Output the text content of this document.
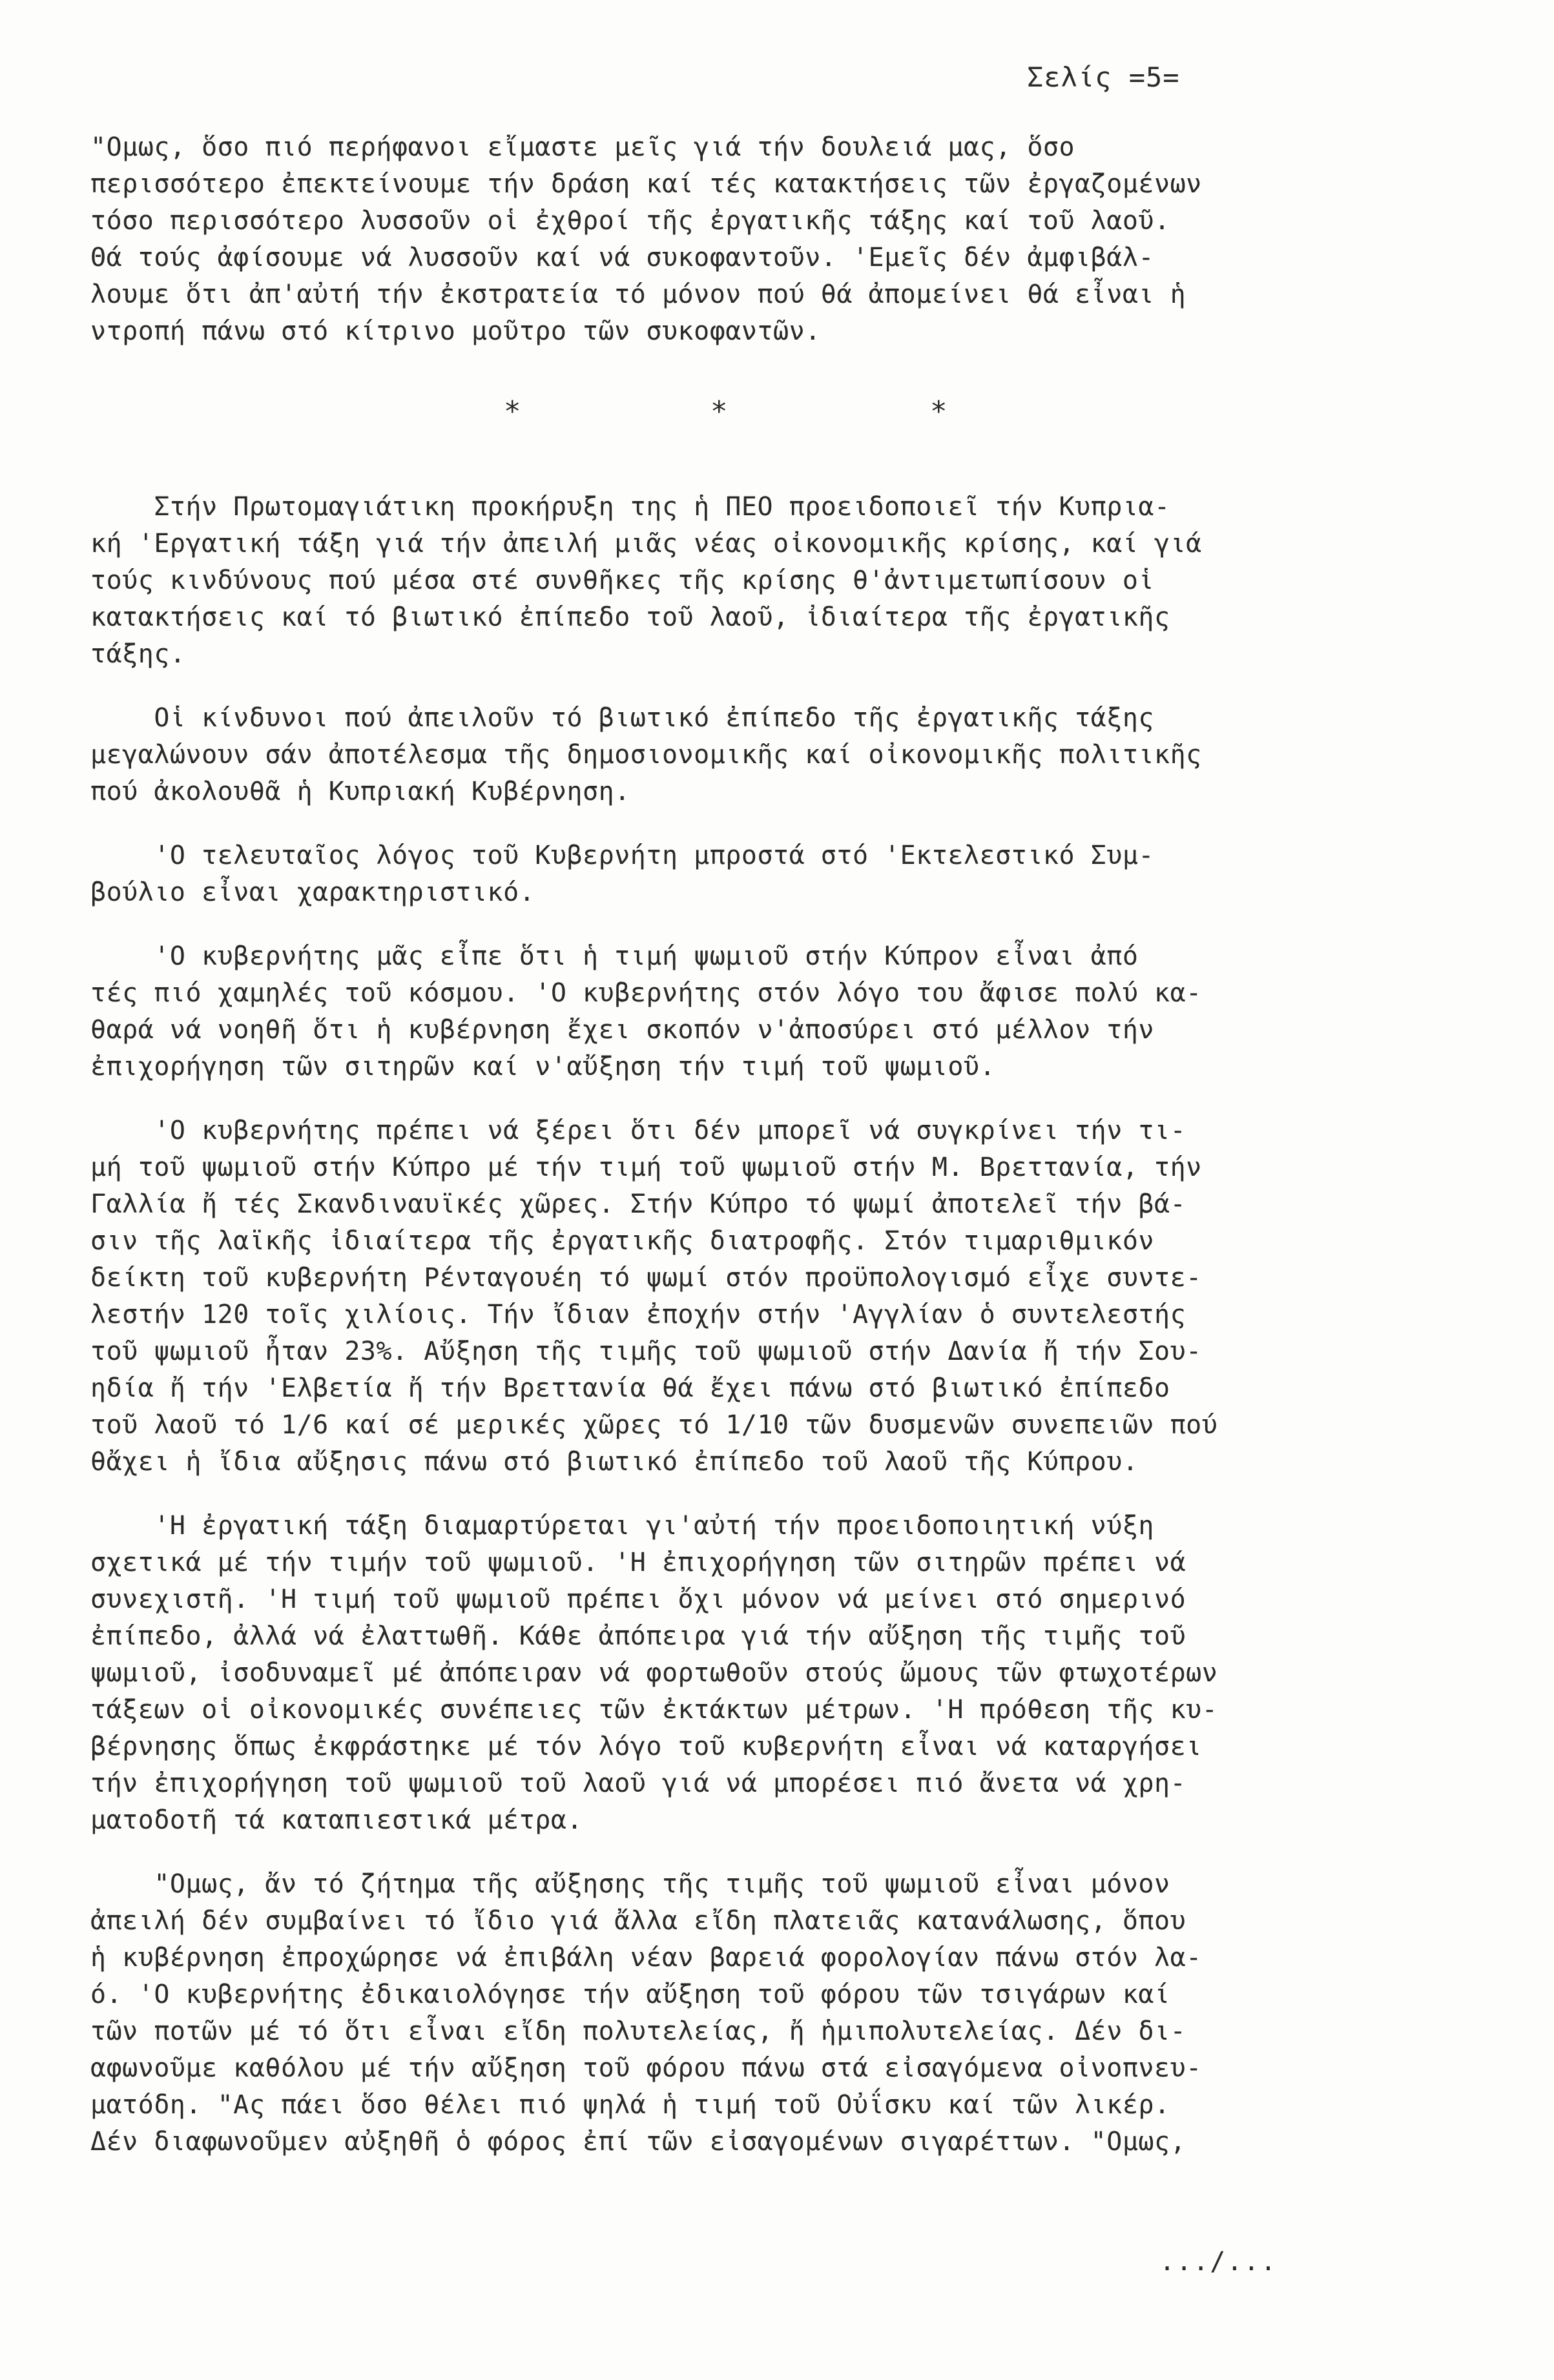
Σελίς =5=

"Ομως, ὅσο πιό περήφανοι εἴμαστε μεῖς γιά τήν δουλειά μας, ὅσο
περισσότερο ἐπεκτείνουμε τήν δράση καί τές κατακτήσεις τῶν ἐργαζομένων
τόσο περισσότερο λυσσοῦν οἱ ἐχθροί τῆς ἐργατικῆς τάξης καί τοῦ λαοῦ.
Θά τούς ἀφίσουμε νά λυσσοῦν καί νά συκοφαντοῦν. 'Εμεῖς δέν ἀμφιβάλ-
λουμε ὅτι ἀπ'αὐτή τήν ἐκστρατεία τό μόνον πού θά ἀπομείνει θά εἶναι ἡ
ντροπή πάνω στό κίτρινο μοῦτρο τῶν συκοφαντῶν.

*	*	*

Στήν Πρωτομαγιάτικη προκήρυξη της ἡ ΠΕΟ προειδοποιεῖ τήν Κυπρια-
κή 'Εργατική τάξη γιά τήν ἀπειλή μιᾶς νέας οἰκονομικῆς κρίσης, καί γιά
τούς κινδύνους πού μέσα στέ συνθῆκες τῆς κρίσης θ'ἀντιμετωπίσουν οἱ
κατακτήσεις καί τό βιωτικό ἐπίπεδο τοῦ λαοῦ, ἰδιαίτερα τῆς ἐργατικῆς
τάξης.

Οἱ κίνδυνοι πού ἀπειλοῦν τό βιωτικό ἐπίπεδο τῆς ἐργατικῆς τάξης
μεγαλώνουν σάν ἀποτέλεσμα τῆς δημοσιονομικῆς καί οἰκονομικῆς πολιτικῆς
πού ἀκολουθᾶ ἡ Κυπριακή Κυβέρνηση.

'Ο τελευταῖος λόγος τοῦ Κυβερνήτη μπροστά στό 'Εκτελεστικό Συμ-
βούλιο εἶναι χαρακτηριστικό.

'Ο κυβερνήτης μᾶς εἶπε ὅτι ἡ τιμή ψωμιοῦ στήν Κύπρον εἶναι ἀπό
τές πιό χαμηλές τοῦ κόσμου. 'Ο κυβερνήτης στόν λόγο του ἄφισε πολύ κα-
θαρά νά νοηθῆ ὅτι ἡ κυβέρνηση ἔχει σκοπόν ν'ἀποσύρει στό μέλλον τήν
ἐπιχορήγηση τῶν σιτηρῶν καί ν'αὔξηση τήν τιμή τοῦ ψωμιοῦ.

'Ο κυβερνήτης πρέπει νά ξέρει ὅτι δέν μπορεῖ νά συγκρίνει τήν τι-
μή τοῦ ψωμιοῦ στήν Κύπρο μέ τήν τιμή τοῦ ψωμιοῦ στήν Μ. Βρεττανία, τήν
Γαλλία ἤ τές Σκανδιναυϊκές χῶρες. Στήν Κύπρο τό ψωμί ἀποτελεῖ τήν βά-
σιν τῆς λαϊκῆς ἰδιαίτερα τῆς ἐργατικῆς διατροφῆς. Στόν τιμαριθμικόν
δείκτη τοῦ κυβερνήτη Ρένταγουέη τό ψωμί στόν προϋπολογισμό εἶχε συντε-
λεστήν 120 τοῖς χιλίοις. Τήν ἴδιαν ἐποχήν στήν 'Αγγλίαν ὁ συντελεστής
τοῦ ψωμιοῦ ἦταν 23%. Αὔξηση τῆς τιμῆς τοῦ ψωμιοῦ στήν Δανία ἤ τήν Σου-
ηδία ἤ τήν 'Ελβετία ἤ τήν Βρεττανία θά ἔχει πάνω στό βιωτικό ἐπίπεδο
τοῦ λαοῦ τό 1/6 καί σέ μερικές χῶρες τό 1/10 τῶν δυσμενῶν συνεπειῶν πού
θἄχει ἡ ἴδια αὔξησις πάνω στό βιωτικό ἐπίπεδο τοῦ λαοῦ τῆς Κύπρου.

'Η ἐργατική τάξη διαμαρτύρεται γι'αὐτή τήν προειδοποιητική νύξη
σχετικά μέ τήν τιμήν τοῦ ψωμιοῦ. 'Η ἐπιχορήγηση τῶν σιτηρῶν πρέπει νά
συνεχιστῆ. 'Η τιμή τοῦ ψωμιοῦ πρέπει ὄχι μόνον νά μείνει στό σημερινό
ἐπίπεδο, ἀλλά νά ἐλαττωθῆ. Κάθε ἀπόπειρα γιά τήν αὔξηση τῆς τιμῆς τοῦ
ψωμιοῦ, ἰσοδυναμεῖ μέ ἀπόπειραν νά φορτωθοῦν στούς ὤμους τῶν φτωχοτέρων
τάξεων οἱ οἰκονομικές συνέπειες τῶν ἐκτάκτων μέτρων. 'Η πρόθεση τῆς κυ-
βέρνησης ὅπως ἐκφράστηκε μέ τόν λόγο τοῦ κυβερνήτη εἶναι νά καταργήσει
τήν ἐπιχορήγηση τοῦ ψωμιοῦ τοῦ λαοῦ γιά νά μπορέσει πιό ἄνετα νά χρη-
ματοδοτῆ τά καταπιεστικά μέτρα.

"Ομως, ἄν τό ζήτημα τῆς αὔξησης τῆς τιμῆς τοῦ ψωμιοῦ εἶναι μόνον
ἀπειλή δέν συμβαίνει τό ἴδιο γιά ἄλλα εἴδη πλατειᾶς κατανάλωσης, ὅπου
ἡ κυβέρνηση ἐπροχώρησε νά ἐπιβάλη νέαν βαρειά φορολογίαν πάνω στόν λα-
ό. 'Ο κυβερνήτης ἐδικαιολόγησε τήν αὔξηση τοῦ φόρου τῶν τσιγάρων καί
τῶν ποτῶν μέ τό ὅτι εἶναι εἴδη πολυτελείας, ἤ ἡμιπολυτελείας. Δέν δι-
αφωνοῦμε καθόλου μέ τήν αὔξηση τοῦ φόρου πάνω στά εἰσαγόμενα οἰνοπνευ-
ματόδη. "Ας πάει ὅσο θέλει πιό ψηλά ἡ τιμή τοῦ Οὐΐσκυ καί τῶν λικέρ.
Δέν διαφωνοῦμεν αὐξηθῆ ὁ φόρος ἐπί τῶν εἰσαγομένων σιγαρέττων. "Ομως,

.../...
